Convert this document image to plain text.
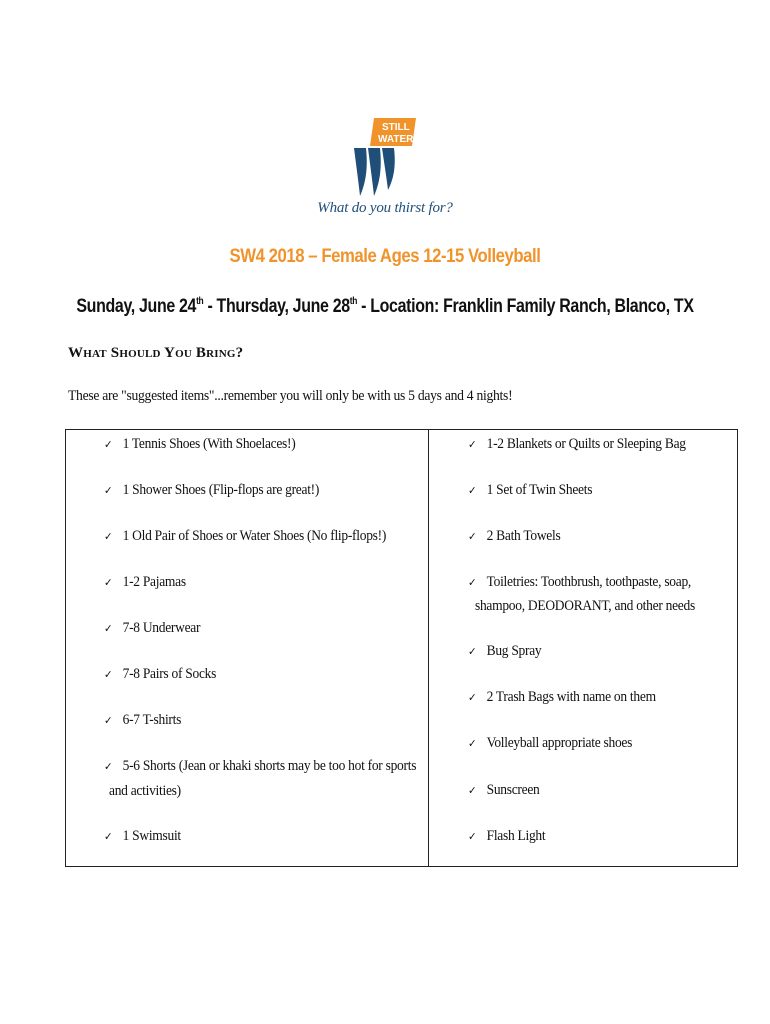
STILL
WATER
What do you thirst for?
SW4 2018 – Female Ages 12-15 Volleyball
Sunday, June 24th - Thursday, June 28th - Location: Franklin Family Ranch, Blanco, TX
What Should You Bring?
These are "suggested items"...remember you will only be with us 5 days and 4 nights!
✓ 1 Tennis Shoes (With Shoelaces!)
✓ 1 Shower Shoes (Flip-flops are great!)
✓ 1 Old Pair of Shoes or Water Shoes (No flip-flops!)
✓ 1-2 Pajamas
✓ 7-8 Underwear
✓ 7-8 Pairs of Socks
✓ 6-7 T-shirts
✓ 5-6 Shorts (Jean or khaki shorts may be too hot for sports
and activities)
✓ 1 Swimsuit
✓ 1-2 Blankets or Quilts or Sleeping Bag
✓ 1 Set of Twin Sheets
✓ 2 Bath Towels
✓ Toiletries: Toothbrush, toothpaste, soap,
shampoo, DEODORANT, and other needs
✓ Bug Spray
✓ 2 Trash Bags with name on them
✓ Volleyball appropriate shoes
✓ Sunscreen
✓ Flash Light
